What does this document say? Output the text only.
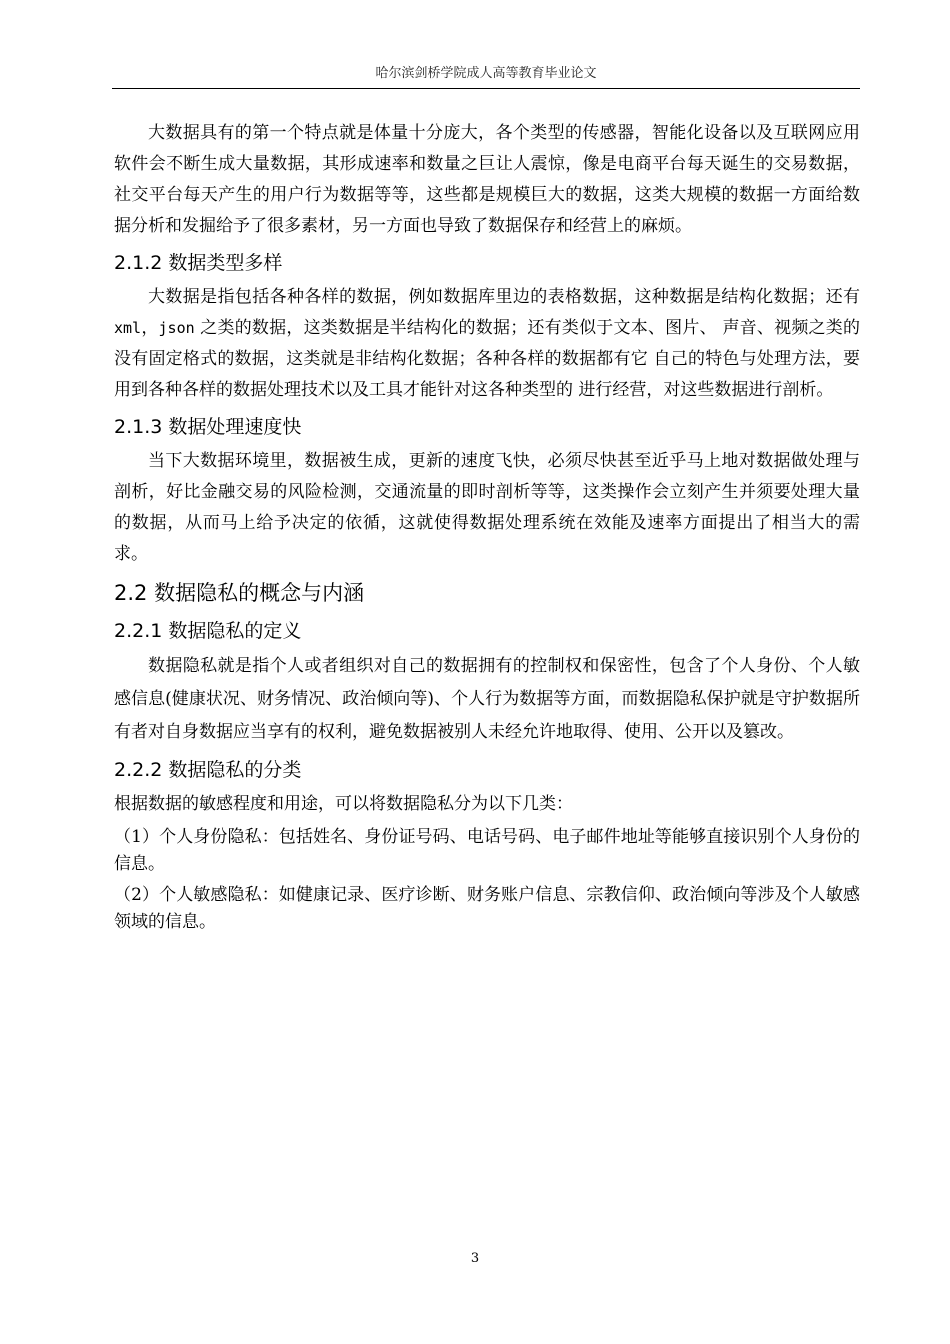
哈尔滨剑桥学院成人高等教育毕业论文

大数据具有的第一个特点就是体量十分庞大，各个类型的传感器，智能化设备以及互联网应用软件会不断生成大量数据，其形成速率和数量之巨让人震惊，像是电商平台每天诞生的交易数据，社交平台每天产生的用户行为数据等等，这些都是规模巨大的数据，这类大规模的数据一方面给数据分析和发掘给予了很多素材，另一方面也导致了数据保存和经营上的麻烦。

2.1.2 数据类型多样

大数据是指包括各种各样的数据，例如数据库里边的表格数据，这种数据是结构化数据；还有xml，json 之类的数据，这类数据是半结构化的数据；还有类似于文本、图片、 声音、视频之类的没有固定格式的数据，这类就是非结构化数据；各种各样的数据都有它 自己的特色与处理方法，要用到各种各样的数据处理技术以及工具才能针对这各种类型的 进行经营，对这些数据进行剖析。

2.1.3 数据处理速度快

当下大数据环境里，数据被生成，更新的速度飞快，必须尽快甚至近乎马上地对数据做处理与剖析，好比金融交易的风险检测，交通流量的即时剖析等等，这类操作会立刻产生并须要处理大量的数据，从而马上给予决定的依循，这就使得数据处理系统在效能及速率方面提出了相当大的需求。

2.2 数据隐私的概念与内涵
2.2.1 数据隐私的定义

数据隐私就是指个人或者组织对自己的数据拥有的控制权和保密性，包含了个人身份、个人敏感信息(健康状况、财务情况、政治倾向等)、个人行为数据等方面，而数据隐私保护就是守护数据所有者对自身数据应当享有的权利，避免数据被别人未经允许地取得、使用、公开以及篡改。

2.2.2 数据隐私的分类

根据数据的敏感程度和用途，可以将数据隐私分为以下几类：

（1）个人身份隐私：包括姓名、身份证号码、电话号码、电子邮件地址等能够直接识别个人身份的信息。

（2）个人敏感隐私：如健康记录、医疗诊断、财务账户信息、宗教信仰、政治倾向等涉及个人敏感领域的信息。

3
